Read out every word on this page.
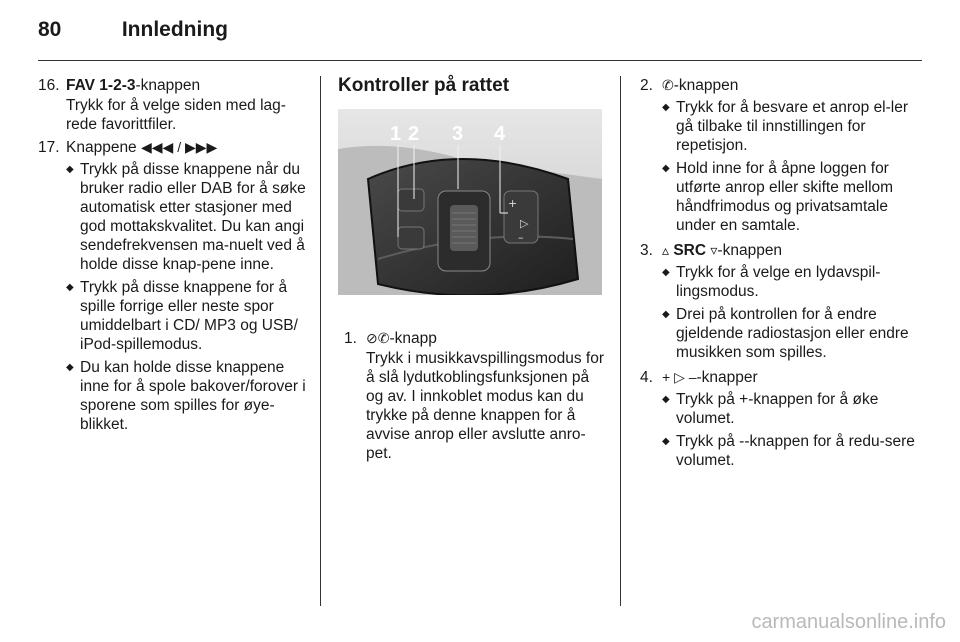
80	Innledning
16. FAV 1-2-3-knappen
Trykk for å velge siden med lag-rede favorittfiler.
17. Knappene ◀◀◀ / ▶▶▶
◆ Trykk på disse knappene når du bruker radio eller DAB for å søke automatisk etter stasjoner med god mottakskvalitet. Du kan angi sendefrekvensen ma-nuelt ved å holde disse knap-pene inne.
◆ Trykk på disse knappene for å spille forrige eller neste spor umiddelbart i CD/ MP3 og USB/ iPod-spillemodus.
◆ Du kan holde disse knappene inne for å spole bakover/forover i sporene som spilles for øye-blikket.
Kontroller på rattet
+
▷
–
1 2 3 4
1. ⊘✆-knapp
Trykk i musikkavspillingsmodus for å slå lydutkoblingsfunksjonen på og av. I innkoblet modus kan du trykke på denne knappen for å avvise anrop eller avslutte anro-pet.
2. ✆-knappen
◆ Trykk for å besvare et anrop el-ler gå tilbake til innstillingen for repetisjon.
◆ Hold inne for å åpne loggen for utførte anrop eller skifte mellom håndfrimodus og privatsamtale under en samtale.
3. ▵ SRC ▿-knappen
◆ Trykk for å velge en lydavspil-lingsmodus.
◆ Drei på kontrollen for å endre gjeldende radiostasjon eller endre musikken som spilles.
4. + ▷ –-knapper
◆ Trykk på +-knappen for å øke volumet.
◆ Trykk på --knappen for å redu-sere volumet.
carmanualsonline.info
